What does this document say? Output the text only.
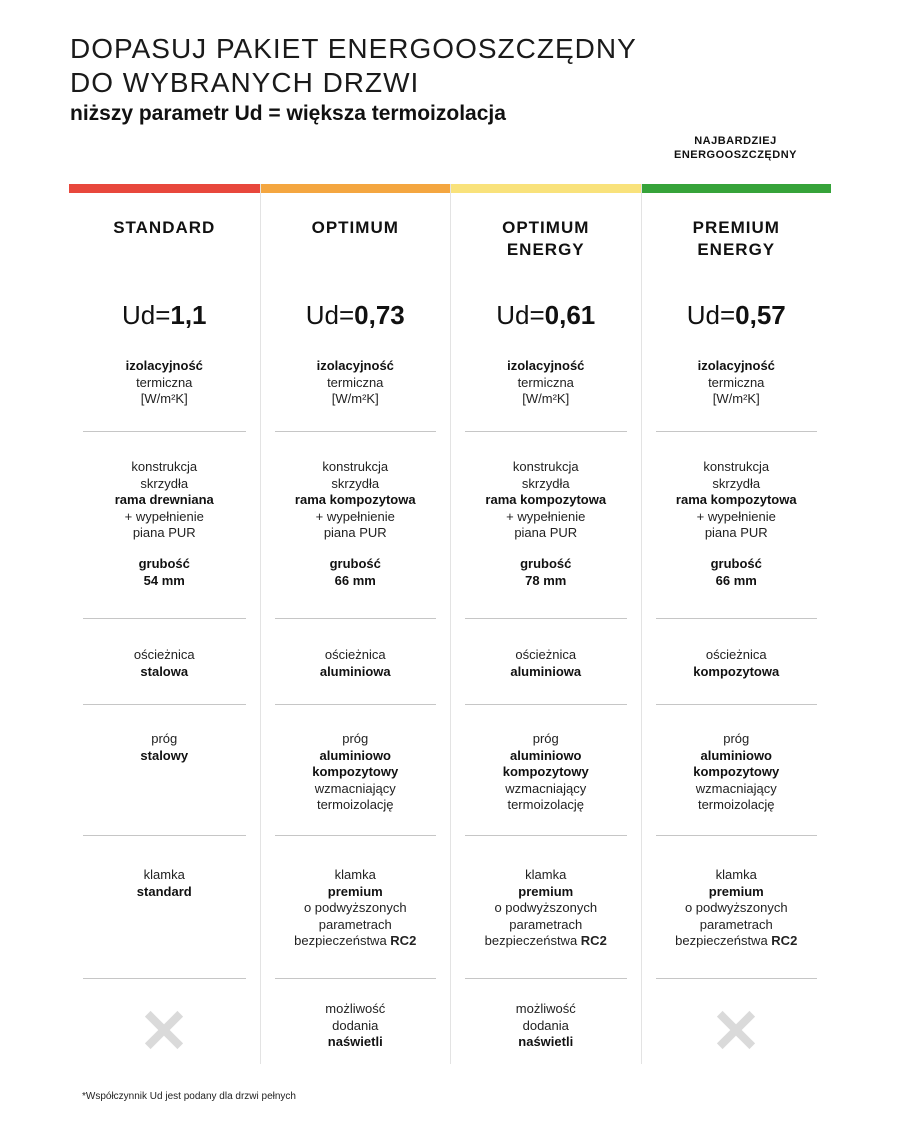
DOPASUJ PAKIET ENERGOOSZCZĘDNY
DO WYBRANYCH DRZWI
niższy parametr Ud = większa termoizolacja
NAJBARDZIEJ
ENERGOOSZCZĘDNY
STANDARD
Ud=1,1
izolacyjność
termiczna
[W/m²K]
konstrukcja
skrzydła
rama drewniana
+ wypełnienie
piana PUR
grubość
54 mm
ościeżnica
stalowa
próg
stalowy
klamka
standard
OPTIMUM
Ud=0,73
izolacyjność
termiczna
[W/m²K]
konstrukcja
skrzydła
rama kompozytowa
+ wypełnienie
piana PUR
grubość
66 mm
ościeżnica
aluminiowa
próg
aluminiowo
kompozytowy
wzmacniający
termoizolację
klamka
premium
o podwyższonych
parametrach
bezpieczeństwa RC2
możliwość
dodania
naświetli
OPTIMUM
ENERGY
Ud=0,61
izolacyjność
termiczna
[W/m²K]
konstrukcja
skrzydła
rama kompozytowa
+ wypełnienie
piana PUR
grubość
78 mm
ościeżnica
aluminiowa
próg
aluminiowo
kompozytowy
wzmacniający
termoizolację
klamka
premium
o podwyższonych
parametrach
bezpieczeństwa RC2
możliwość
dodania
naświetli
PREMIUM
ENERGY
Ud=0,57
izolacyjność
termiczna
[W/m²K]
konstrukcja
skrzydła
rama kompozytowa
+ wypełnienie
piana PUR
grubość
66 mm
ościeżnica
kompozytowa
próg
aluminiowo
kompozytowy
wzmacniający
termoizolację
klamka
premium
o podwyższonych
parametrach
bezpieczeństwa RC2
*Współczynnik Ud jest podany dla drzwi pełnych
